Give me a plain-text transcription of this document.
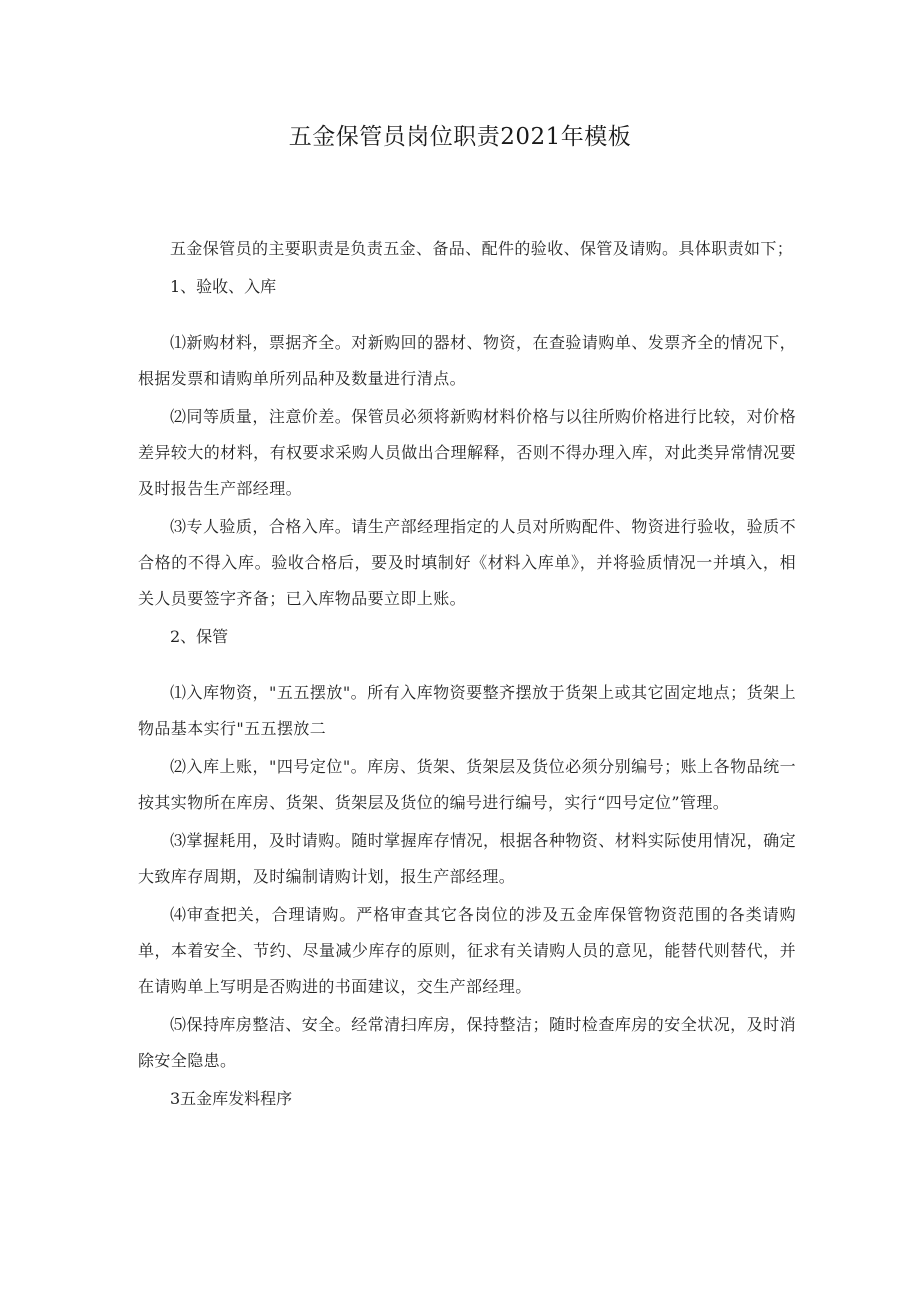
五金保管员岗位职责2021年模板

五金保管员的主要职责是负责五金、备品、配件的验收、保管及请购。具体职责如下；

1、验收、入库

⑴新购材料，票据齐全。对新购回的器材、物资，在查验请购单、发票齐全的情况下，根据发票和请购单所列品种及数量进行清点。

⑵同等质量，注意价差。保管员必须将新购材料价格与以往所购价格进行比较，对价格差异较大的材料，有权要求采购人员做出合理解释，否则不得办理入库，对此类异常情况要及时报告生产部经理。

⑶专人验质，合格入库。请生产部经理指定的人员对所购配件、物资进行验收，验质不合格的不得入库。验收合格后，要及时填制好《材料入库单》，并将验质情况一并填入，相关人员要签字齐备；已入库物品要立即上账。

2、保管

⑴入库物资，"五五摆放"。所有入库物资要整齐摆放于货架上或其它固定地点；货架上物品基本实行"五五摆放二

⑵入库上账，"四号定位"。库房、货架、货架层及货位必须分别编号；账上各物品统一按其实物所在库房、货架、货架层及货位的编号进行编号，实行“四号定位”管理。

⑶掌握耗用，及时请购。随时掌握库存情况，根据各种物资、材料实际使用情况，确定大致库存周期，及时编制请购计划，报生产部经理。

⑷审查把关，合理请购。严格审查其它各岗位的涉及五金库保管物资范围的各类请购单，本着安全、节约、尽量减少库存的原则，征求有关请购人员的意见，能替代则替代，并在请购单上写明是否购进的书面建议，交生产部经理。

⑸保持库房整洁、安全。经常清扫库房，保持整洁；随时检查库房的安全状况，及时消除安全隐患。

3五金库发料程序
